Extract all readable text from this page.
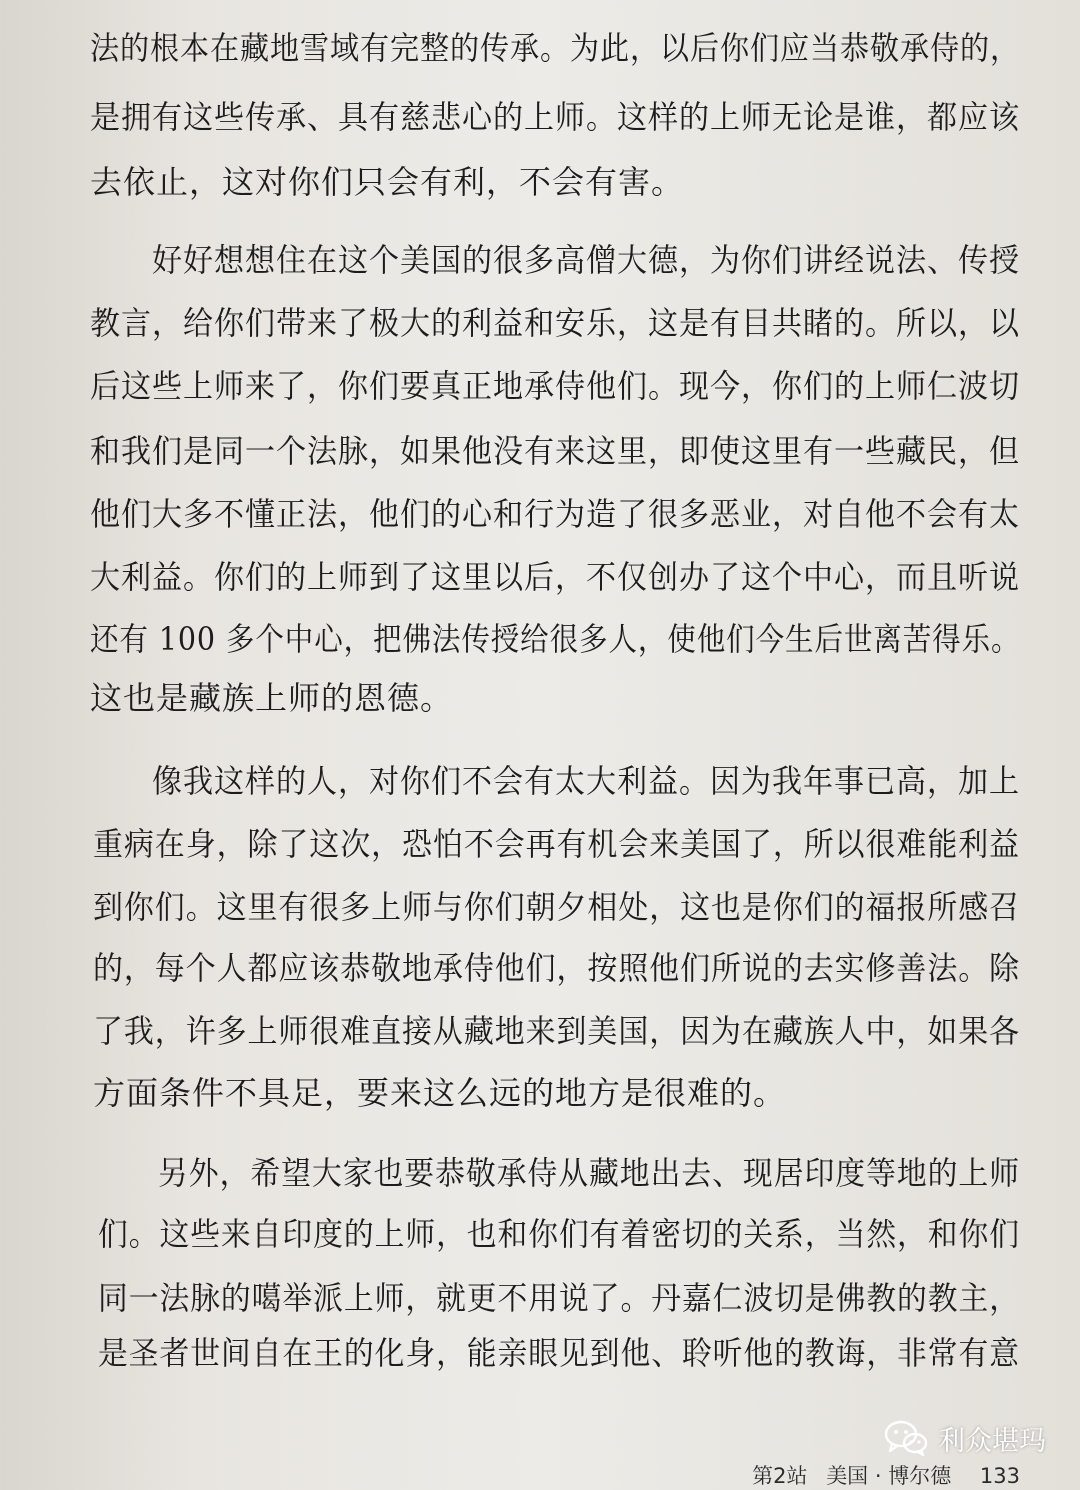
法的根本在藏地雪域有完整的传承。为此，以后你们应当恭敬承侍的，
是拥有这些传承、具有慈悲心的上师。这样的上师无论是谁，都应该
去依止，这对你们只会有利，不会有害。
好好想想住在这个美国的很多高僧大德，为你们讲经说法、传授
教言，给你们带来了极大的利益和安乐，这是有目共睹的。所以，以
后这些上师来了，你们要真正地承侍他们。现今，你们的上师仁波切
和我们是同一个法脉，如果他没有来这里，即使这里有一些藏民，但
他们大多不懂正法，他们的心和行为造了很多恶业，对自他不会有太
大利益。你们的上师到了这里以后，不仅创办了这个中心，而且听说
还有 100 多个中心，把佛法传授给很多人，使他们今生后世离苦得乐。
这也是藏族上师的恩德。
像我这样的人，对你们不会有太大利益。因为我年事已高，加上
重病在身，除了这次，恐怕不会再有机会来美国了，所以很难能利益
到你们。这里有很多上师与你们朝夕相处，这也是你们的福报所感召
的，每个人都应该恭敬地承侍他们，按照他们所说的去实修善法。除
了我，许多上师很难直接从藏地来到美国，因为在藏族人中，如果各
方面条件不具足，要来这么远的地方是很难的。
另外，希望大家也要恭敬承侍从藏地出去、现居印度等地的上师
们。这些来自印度的上师，也和你们有着密切的关系，当然，和你们
同一法脉的噶举派上师，就更不用说了。丹嘉仁波切是佛教的教主，
是圣者世间自在王的化身，能亲眼见到他、聆听他的教诲，非常有意
利众堪玛
第2站 美国 · 博尔德 133
